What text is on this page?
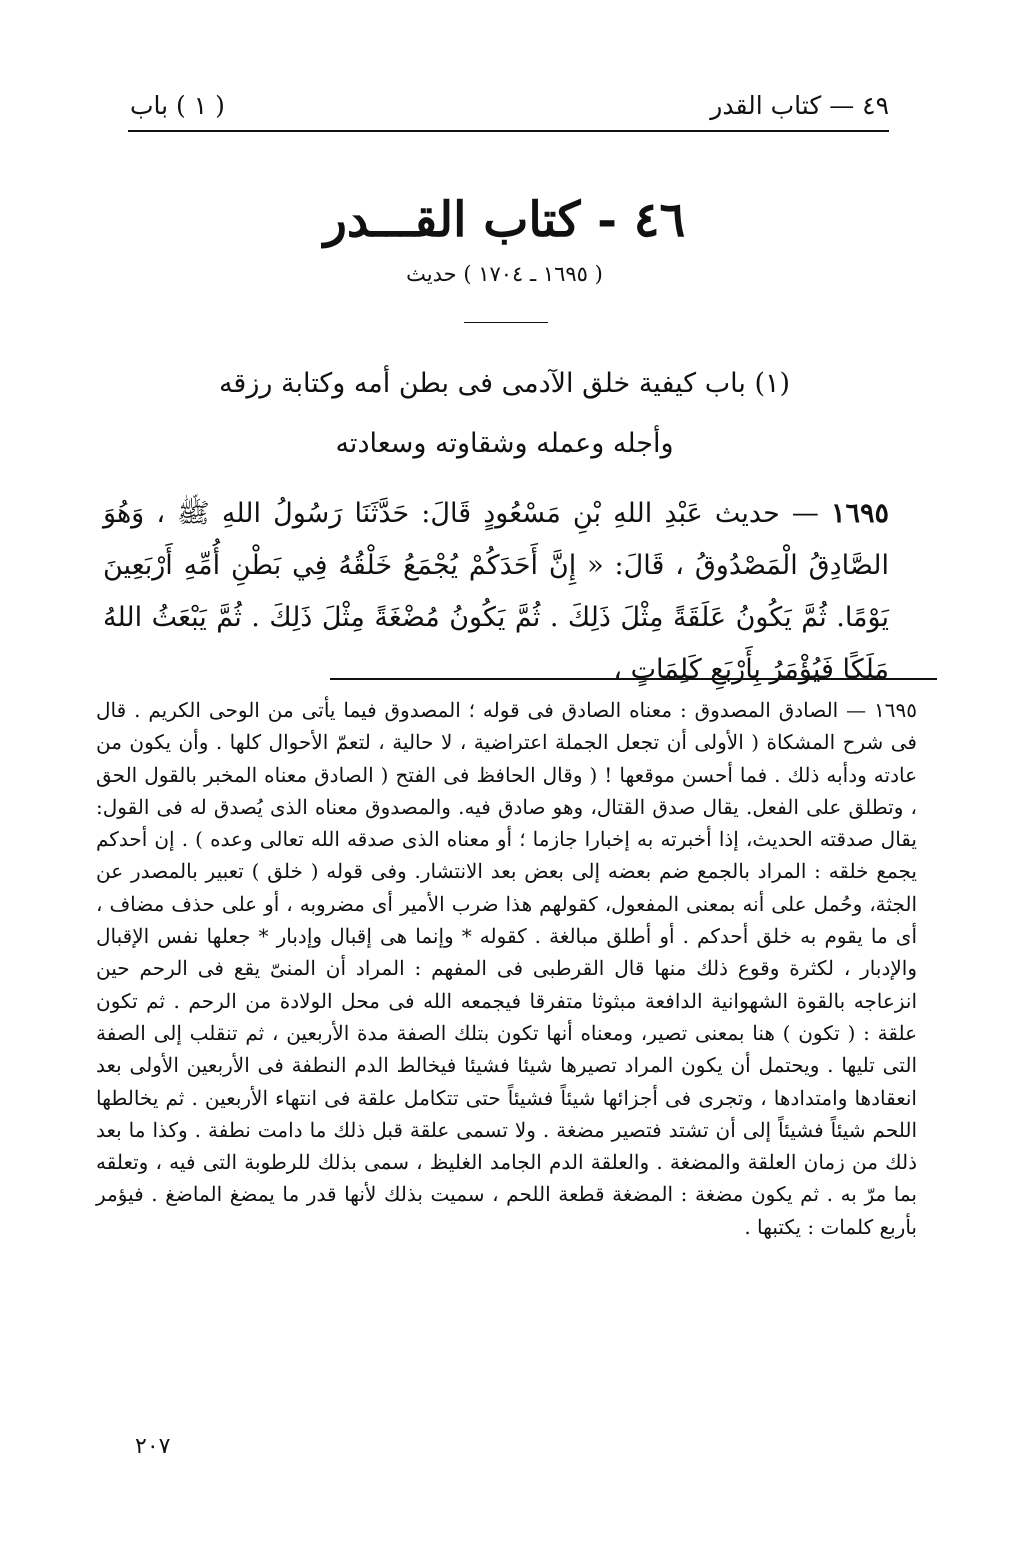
٤٩ — كتاب القدر
( ١ ) باب
٤٦ - كتاب القـــدر
( ١٦٩٥ ـ ١٧٠٤ ) حديث
(١) باب كيفية خلق الآدمى فى بطن أمه وكتابة رزقه
وأجله وعمله وشقاوته وسعادته
١٦٩٥ — حديث عَبْدِ اللهِ بْنِ مَسْعُودٍ قَالَ: حَدَّثَنَا رَسُولُ اللهِ ﷺ ، وَهُوَ الصَّادِقُ الْمَصْدُوقُ ، قَالَ: « إِنَّ أَحَدَكُمْ يُجْمَعُ خَلْقُهُ فِي بَطْنِ أُمِّهِ أَرْبَعِينَ يَوْمًا. ثُمَّ يَكُونُ عَلَقَةً مِثْلَ ذَلِكَ . ثُمَّ يَكُونُ مُضْغَةً مِثْلَ ذَلِكَ . ثُمَّ يَبْعَثُ اللهُ مَلَكًا فَيُؤْمَرُ بِأَرْبَعِ كَلِمَاتٍ ،
١٦٩٥ — الصادق المصدوق : معناه الصادق فى قوله ؛ المصدوق فيما يأتى من الوحى الكريم . قال فى شرح المشكاة ( الأولى أن تجعل الجملة اعتراضية ، لا حالية ، لتعمّ الأحوال كلها . وأن يكون من عادته ودأبه ذلك . فما أحسن موقعها ! ( وقال الحافظ فى الفتح ( الصادق معناه المخبر بالقول الحق ، وتطلق على الفعل. يقال صدق القتال، وهو صادق فيه. والمصدوق معناه الذى يُصدق له فى القول: يقال صدقته الحديث، إذا أخبرته به إخبارا جازما ؛ أو معناه الذى صدقه الله تعالى وعده ) . إن أحدكم يجمع خلقه : المراد بالجمع ضم بعضه إلى بعض بعد الانتشار. وفى قوله ( خلق ) تعبير بالمصدر عن الجثة، وحُمل على أنه بمعنى المفعول، كقولهم هذا ضرب الأمير أى مضروبه ، أو على حذف مضاف ، أى ما يقوم به خلق أحدكم . أو أطلق مبالغة . كقوله * وإنما هى إقبال وإدبار * جعلها نفس الإقبال والإدبار ، لكثرة وقوع ذلك منها قال القرطبى فى المفهم : المراد أن المنىّ يقع فى الرحم حين انزعاجه بالقوة الشهوانية الدافعة مبثوثا متفرقا فيجمعه الله فى محل الولادة من الرحم . ثم تكون علقة : ( تكون ) هنا بمعنى تصير، ومعناه أنها تكون بتلك الصفة مدة الأربعين ، ثم تنقلب إلى الصفة التى تليها . ويحتمل أن يكون المراد تصيرها شيئا فشيئا فيخالط الدم النطفة فى الأربعين الأولى بعد انعقادها وامتدادها ، وتجرى فى أجزائها شيئاً فشيئاً حتى تتكامل علقة فى انتهاء الأربعين . ثم يخالطها اللحم شيئاً فشيئاً إلى أن تشتد فتصير مضغة . ولا تسمى علقة قبل ذلك ما دامت نطفة . وكذا ما بعد ذلك من زمان العلقة والمضغة . والعلقة الدم الجامد الغليظ ، سمى بذلك للرطوبة التى فيه ، وتعلقه بما مرّ به . ثم يكون مضغة : المضغة قطعة اللحم ، سميت بذلك لأنها قدر ما يمضغ الماضغ . فيؤمر بأربع كلمات : يكتبها .
٢٠٧
